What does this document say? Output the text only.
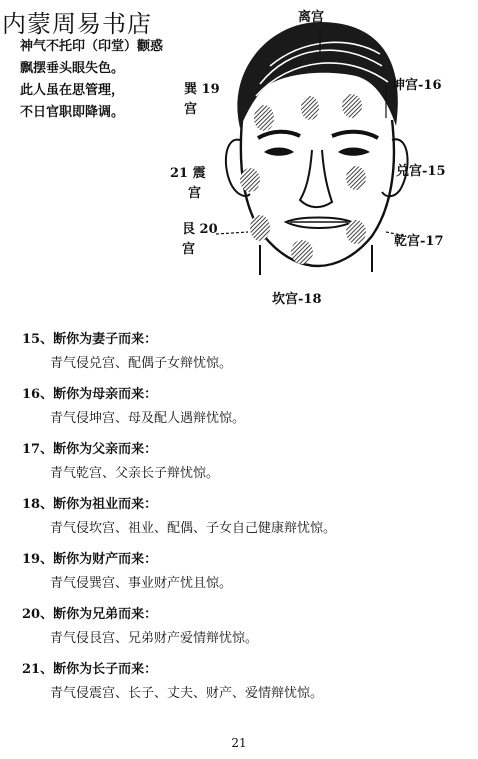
内蒙周易书店
神气不托印（印堂）颧惑
飘摆垂头眼失色。
此人虽在思管理，
不日官职即降调。
离宫
巽 19
宫
坤宫-16
21 震
宫
兑宫-15
艮 20
宫
乾宫-17
坎宫-18
15、断你为妻子而来：
青气侵兑宫、配偶子女辩忧惊。
16、断你为母亲而来：
青气侵坤宫、母及配人遇辩忧惊。
17、断你为父亲而来：
青气乾宫、父亲长子辩忧惊。
18、断你为祖业而来：
青气侵坎宫、祖业、配偶、子女自己健康辩忧惊。
19、断你为财产而来：
青气侵巽宫、事业财产忧且惊。
20、断你为兄弟而来：
青气侵艮宫、兄弟财产爱情辩忧惊。
21、断你为长子而来：
青气侵震宫、长子、丈夫、财产、爱情辩忧惊。
21
